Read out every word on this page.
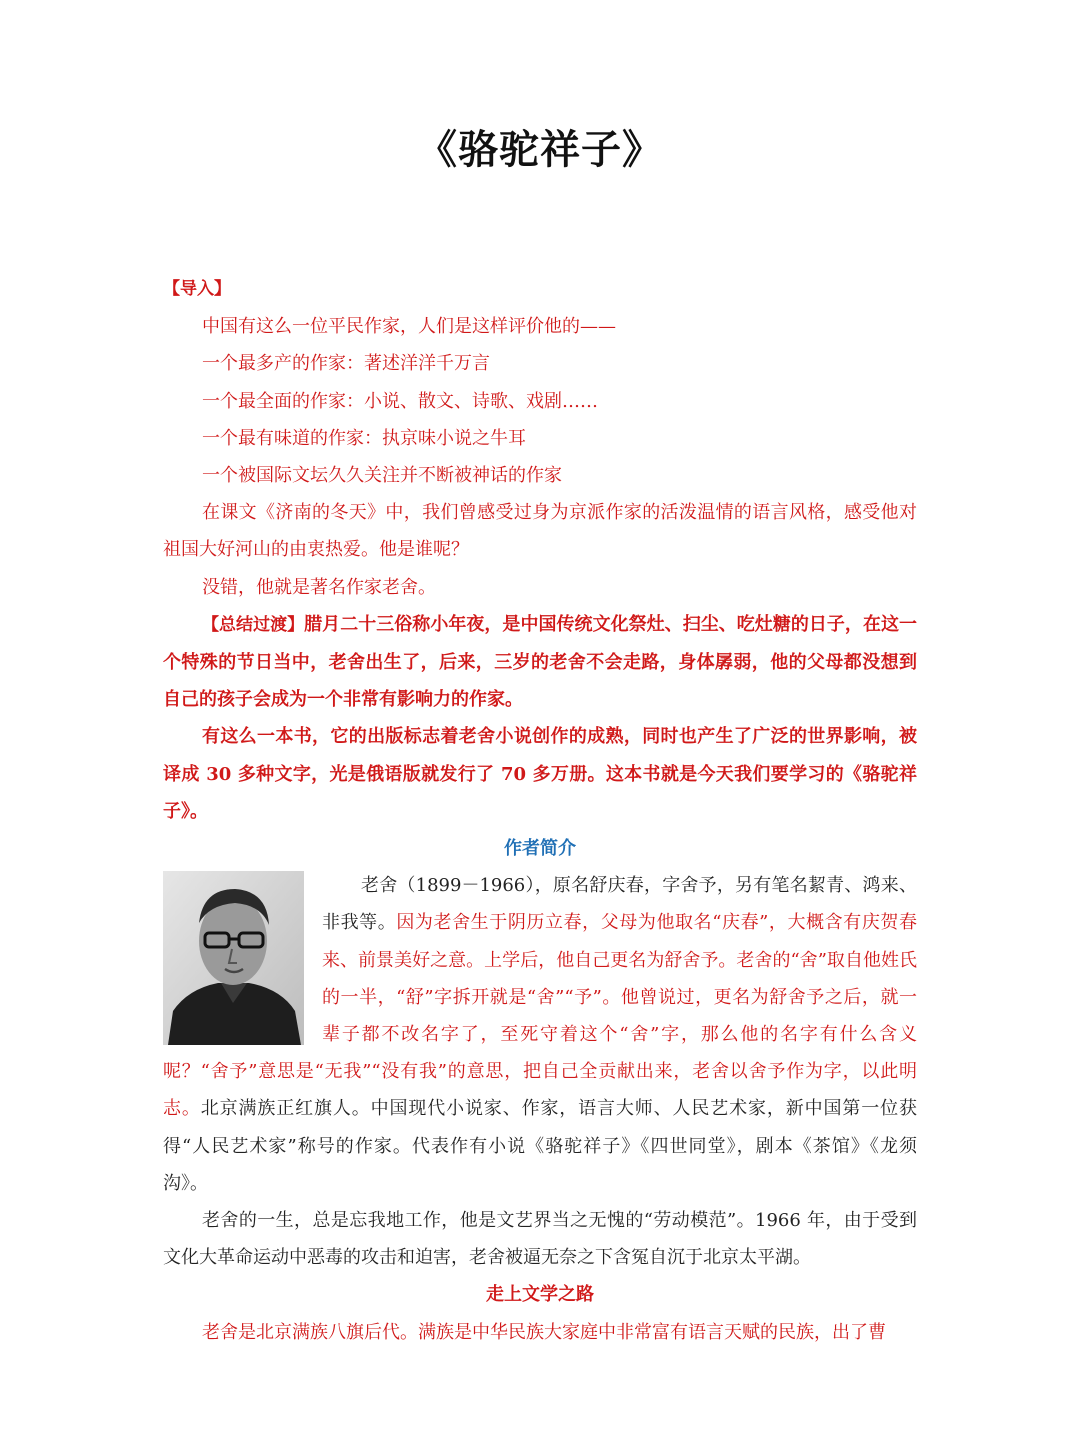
《骆驼祥子》

【导入】

中国有这么一位平民作家，人们是这样评价他的——

一个最多产的作家：著述洋洋千万言

一个最全面的作家：小说、散文、诗歌、戏剧……

一个最有味道的作家：执京味小说之牛耳

一个被国际文坛久久关注并不断被神话的作家

在课文《济南的冬天》中，我们曾感受过身为京派作家的活泼温情的语言风格，感受他对祖国大好河山的由衷热爱。他是谁呢？

没错，他就是著名作家老舍。

【总结过渡】腊月二十三俗称小年夜，是中国传统文化祭灶、扫尘、吃灶糖的日子，在这一个特殊的节日当中，老舍出生了，后来，三岁的老舍不会走路，身体孱弱，他的父母都没想到自己的孩子会成为一个非常有影响力的作家。

有这么一本书，它的出版标志着老舍小说创作的成熟，同时也产生了广泛的世界影响，被译成 30 多种文字，光是俄语版就发行了 70 多万册。这本书就是今天我们要学习的《骆驼祥子》。

作者简介

老舍（1899－1966），原名舒庆春，字舍予，另有笔名絜青、鸿来、非我等。因为老舍生于阴历立春，父母为他取名“庆春”，大概含有庆贺春来、前景美好之意。上学后，他自己更名为舒舍予。老舍的“舍”取自他姓氏的一半，“舒”字拆开就是“舍”“予”。他曾说过，更名为舒舍予之后，就一辈子都不改名字了，至死守着这个“舍”字，那么他的名字有什么含义呢？“舍予”意思是“无我”“没有我”的意思，把自己全贡献出来，老舍以舍予作为字，以此明志。北京满族正红旗人。中国现代小说家、作家，语言大师、人民艺术家，新中国第一位获得“人民艺术家”称号的作家。代表作有小说《骆驼祥子》《四世同堂》，剧本《茶馆》《龙须沟》。

老舍的一生，总是忘我地工作，他是文艺界当之无愧的“劳动模范”。1966 年，由于受到文化大革命运动中恶毒的攻击和迫害，老舍被逼无奈之下含冤自沉于北京太平湖。

走上文学之路

老舍是北京满族八旗后代。满族是中华民族大家庭中非常富有语言天赋的民族，出了曹
